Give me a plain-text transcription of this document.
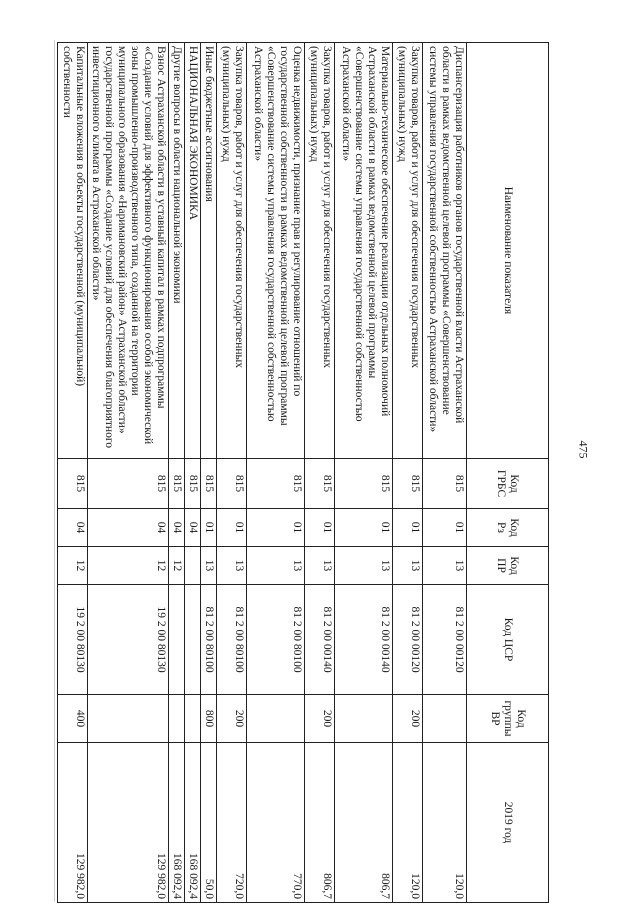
475
Наименование показателя	Код ГРБС	Код Рз	Код ПР	Код ЦСР	Код группы ВР	2019 год
Диспансеризация работников органов государственной власти Астраханской области в рамках ведомственной целевой программы «Совершенствование системы управления государственной собственностью Астраханской области»	815	01	13	81 2 00 00120		120,0
Закупка товаров, работ и услуг для обеспечения государственных (муниципальных) нужд	815	01	13	81 2 00 00120	200	120,0
Материально-техническое обеспечение реализации отдельных полномочий Астраханской области в рамках ведомственной целевой программы «Совершенствование системы управления государственной собственностью Астраханской области»	815	01	13	81 2 00 00140		806,7
Закупка товаров, работ и услуг для обеспечения государственных (муниципальных) нужд	815	01	13	81 2 00 00140	200	806,7
Оценка недвижимости, признание прав и регулирование отношений по государственной собственности в рамках ведомственной целевой программы «Совершенствование системы управления государственной собственностью Астраханской области»	815	01	13	81 2 00 80100		770,0
Закупка товаров, работ и услуг для обеспечения государственных (муниципальных) нужд	815	01	13	81 2 00 80100	200	720,0
Иные бюджетные ассигнования	815	01	13	81 2 00 80100	800	50,0
НАЦИОНАЛЬНАЯ ЭКОНОМИКА	815	04				168 092,4
Другие вопросы в области национальной экономики	815	04	12			168 092,4
Взнос Астраханской области в уставный капитал в рамках подпрограммы «Создание условий для эффективного функционирования особой экономической зоны промышленно-производственного типа, созданной на территории муниципального образования «Наримановский район» Астраханской области» государственной программы «Создание условий для обеспечения благоприятного инвестиционного климата в Астраханской области»	815	04	12	19 2 00 80130		129 982,0
Капитальные вложения в объекты государственной (муниципальной) собственности	815	04	12	19 2 00 80130	400	129 982,0
